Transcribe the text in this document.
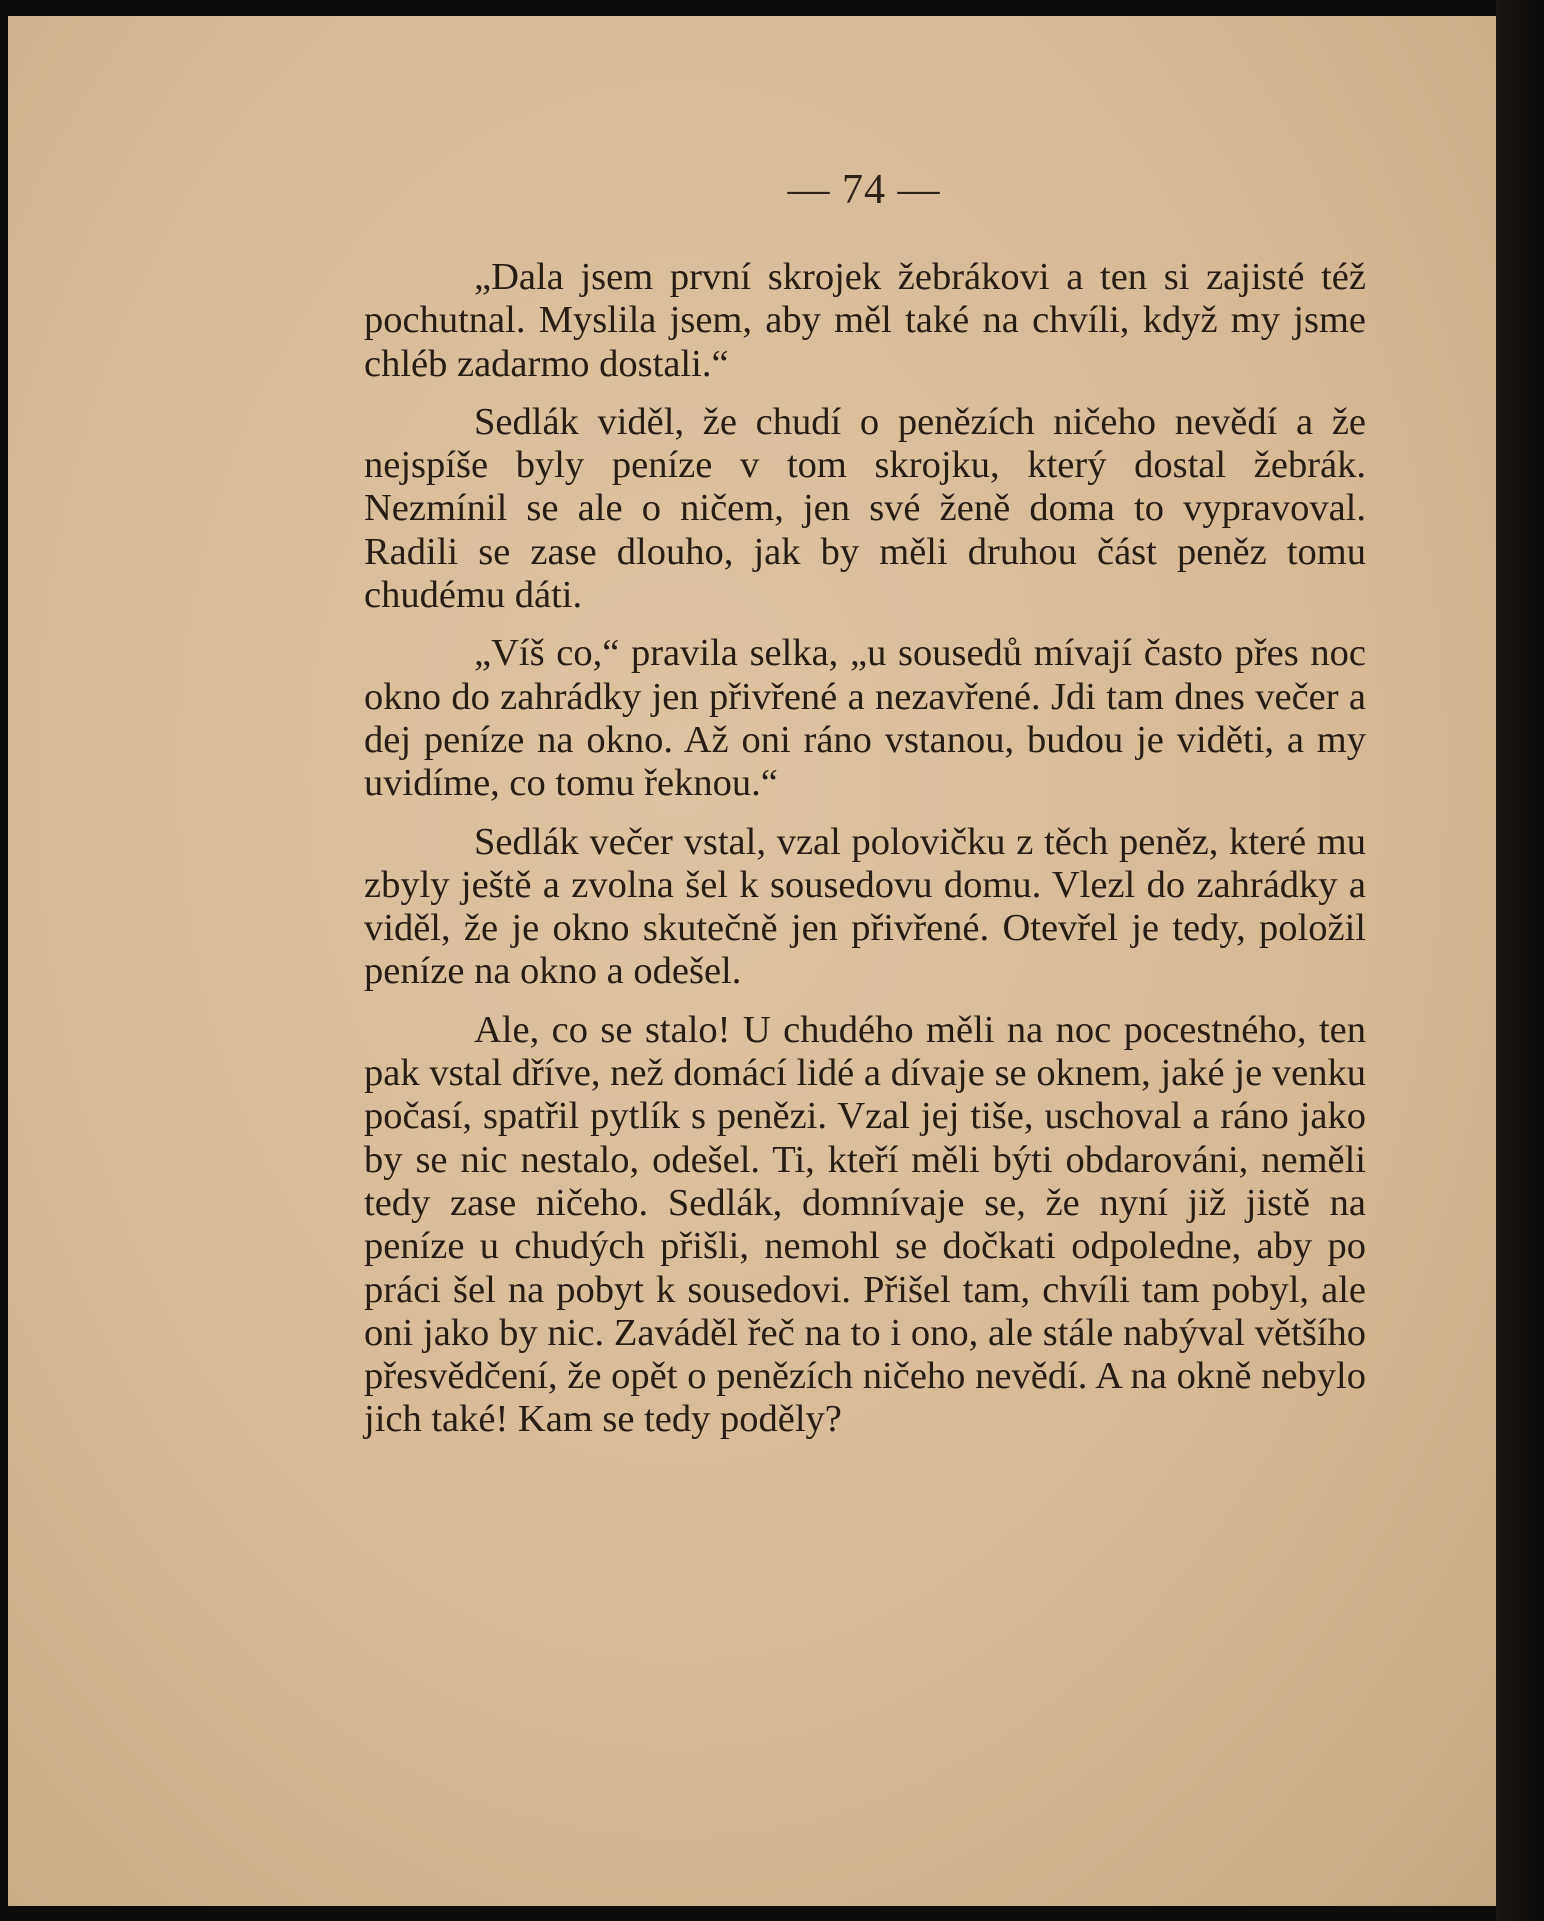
— 74 —

„Dala jsem první skrojek žebrákovi a ten si zajisté též pochutnal. Myslila jsem, aby měl také na chvíli, když my jsme chléb zadarmo dostali.“

Sedlák viděl, že chudí o penězích ničeho nevědí a že nejspíše byly peníze v tom skrojku, který dostal žebrák. Nezmínil se ale o ničem, jen své ženě doma to vypravoval. Radili se zase dlouho, jak by měli druhou část peněz tomu chudému dáti.

„Víš co,“ pravila selka, „u sousedů mívají často přes noc okno do zahrádky jen přivřené a nezavřené. Jdi tam dnes večer a dej peníze na okno. Až oni ráno vstanou, budou je viděti, a my uvidíme, co tomu řeknou.“

Sedlák večer vstal, vzal polovičku z těch peněz, které mu zbyly ještě a zvolna šel k sousedovu domu. Vlezl do zahrádky a viděl, že je okno skutečně jen přivřené. Otevřel je tedy, položil peníze na okno a odešel.

Ale, co se stalo! U chudého měli na noc pocestného, ten pak vstal dříve, než domácí lidé a dívaje se oknem, jaké je venku počasí, spatřil pytlík s penězi. Vzal jej tiše, uschoval a ráno jako by se nic nestalo, odešel. Ti, kteří měli býti obdarováni, neměli tedy zase ničeho. Sedlák, domnívaje se, že nyní již jistě na peníze u chudých přišli, nemohl se dočkati odpoledne, aby po práci šel na pobyt k sousedovi. Přišel tam, chvíli tam pobyl, ale oni jako by nic. Zaváděl řeč na to i ono, ale stále nabýval většího přesvědčení, že opět o penězích ničeho nevědí. A na okně nebylo jich také! Kam se tedy poděly?
